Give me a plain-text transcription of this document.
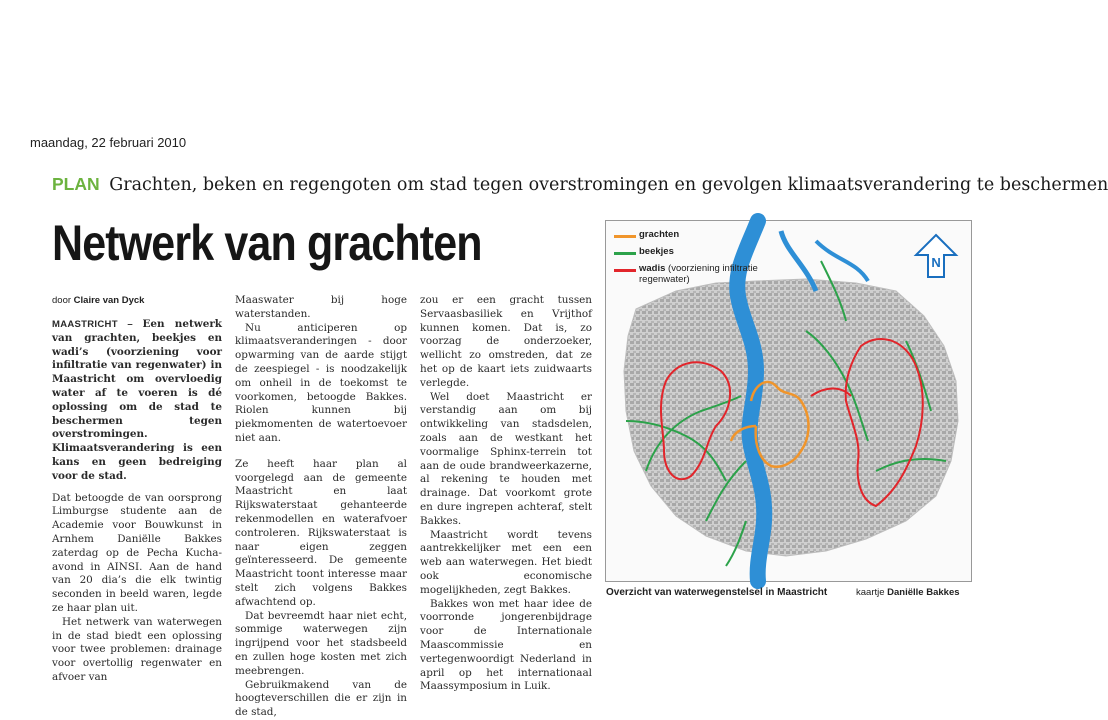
maandag, 22 februari 2010
PLAN Grachten, beken en regengoten om stad tegen overstromingen en gevolgen klimaatsverandering te beschermen
Netwerk van grachten
door Claire van Dyck

MAASTRICHT – Een netwerk van grachten, beekjes en wadi’s (voorziening voor infiltratie van regenwater) in Maastricht om overvloedig water af te voeren is dé oplossing om de stad te beschermen tegen overstromingen. Klimaatsverandering is een kans en geen bedreiging voor de stad.

Dat betoogde de van oorsprong Limburgse studente aan de Academie voor Bouwkunst in Arnhem Daniëlle Bakkes zaterdag op de Pecha Kucha-avond in AINSI. Aan de hand van 20 dia’s die elk twintig seconden in beeld waren, legde ze haar plan uit.

Het netwerk van waterwegen in de stad biedt een oplossing voor twee problemen: drainage voor overtollig regenwater en afvoer van

Maaswater bij hoge waterstanden.

Nu anticiperen op klimaatsveranderingen - door opwarming van de aarde stijgt de zeespiegel - is noodzakelijk om onheil in de toekomst te voorkomen, betoogde Bakkes. Riolen kunnen bij piekmomenten de watertoevoer niet aan.

Ze heeft haar plan al voorgelegd aan de gemeente Maastricht en laat Rijkswaterstaat gehanteerde rekenmodellen en waterafvoer controleren. Rijkswaterstaat is naar eigen zeggen geïnteresseerd. De gemeente Maastricht toont interesse maar stelt zich volgens Bakkes afwachtend op.

Dat bevreemdt haar niet echt, sommige waterwegen zijn ingrijpend voor het stadsbeeld en zullen hoge kosten met zich meebrengen.

Gebruikmakend van de hoogteverschillen die er zijn in de stad,

zou er een gracht tussen Servaasbasiliek en Vrijthof kunnen komen. Dat is, zo voorzag de onderzoeker, wellicht zo omstreden, dat ze het op de kaart iets zuidwaarts verlegde.

Wel doet Maastricht er verstandig aan om bij ontwikkeling van stadsdelen, zoals aan de westkant het voormalige Sphinx-terrein tot aan de oude brandweerkazerne, al rekening te houden met drainage. Dat voorkomt grote en dure ingrepen achteraf, stelt Bakkes.

Maastricht wordt tevens aantrekkelijker met een een web aan waterwegen. Het biedt ook economische mogelijkheden, zegt Bakkes.

Bakkes won met haar idee de voorronde jongerenbijdrage voor de Internationale Maascommissie en vertegenwoordigt Nederland in april op het internationaal Maassymposium in Luik.

N
grachten
beekjes
wadis (voorziening infiltratie regenwater)
Overzicht van waterwegenstelsel in Maastricht	kaartje Daniëlle Bakkes
